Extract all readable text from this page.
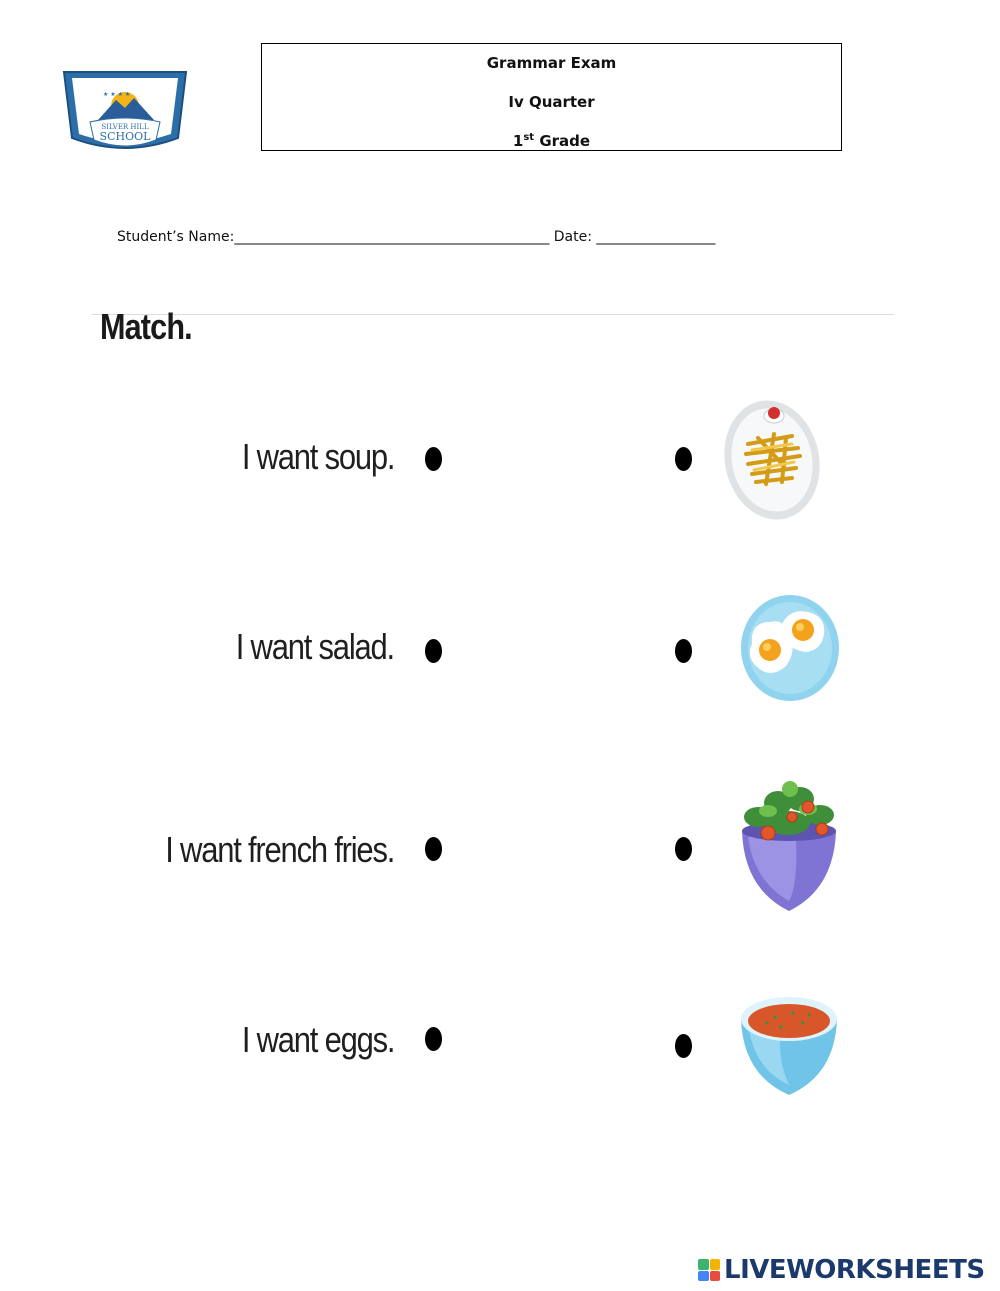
★ ★ ★ ★
SILVER HILL
SCHOOL
Grammar Exam
Iv Quarter
1st Grade
Student’s Name:_____________________________________________ Date: _________________
Match.
I want soup.
I want salad.
I want french fries.
I want eggs.
LIVEWORKSHEETS
